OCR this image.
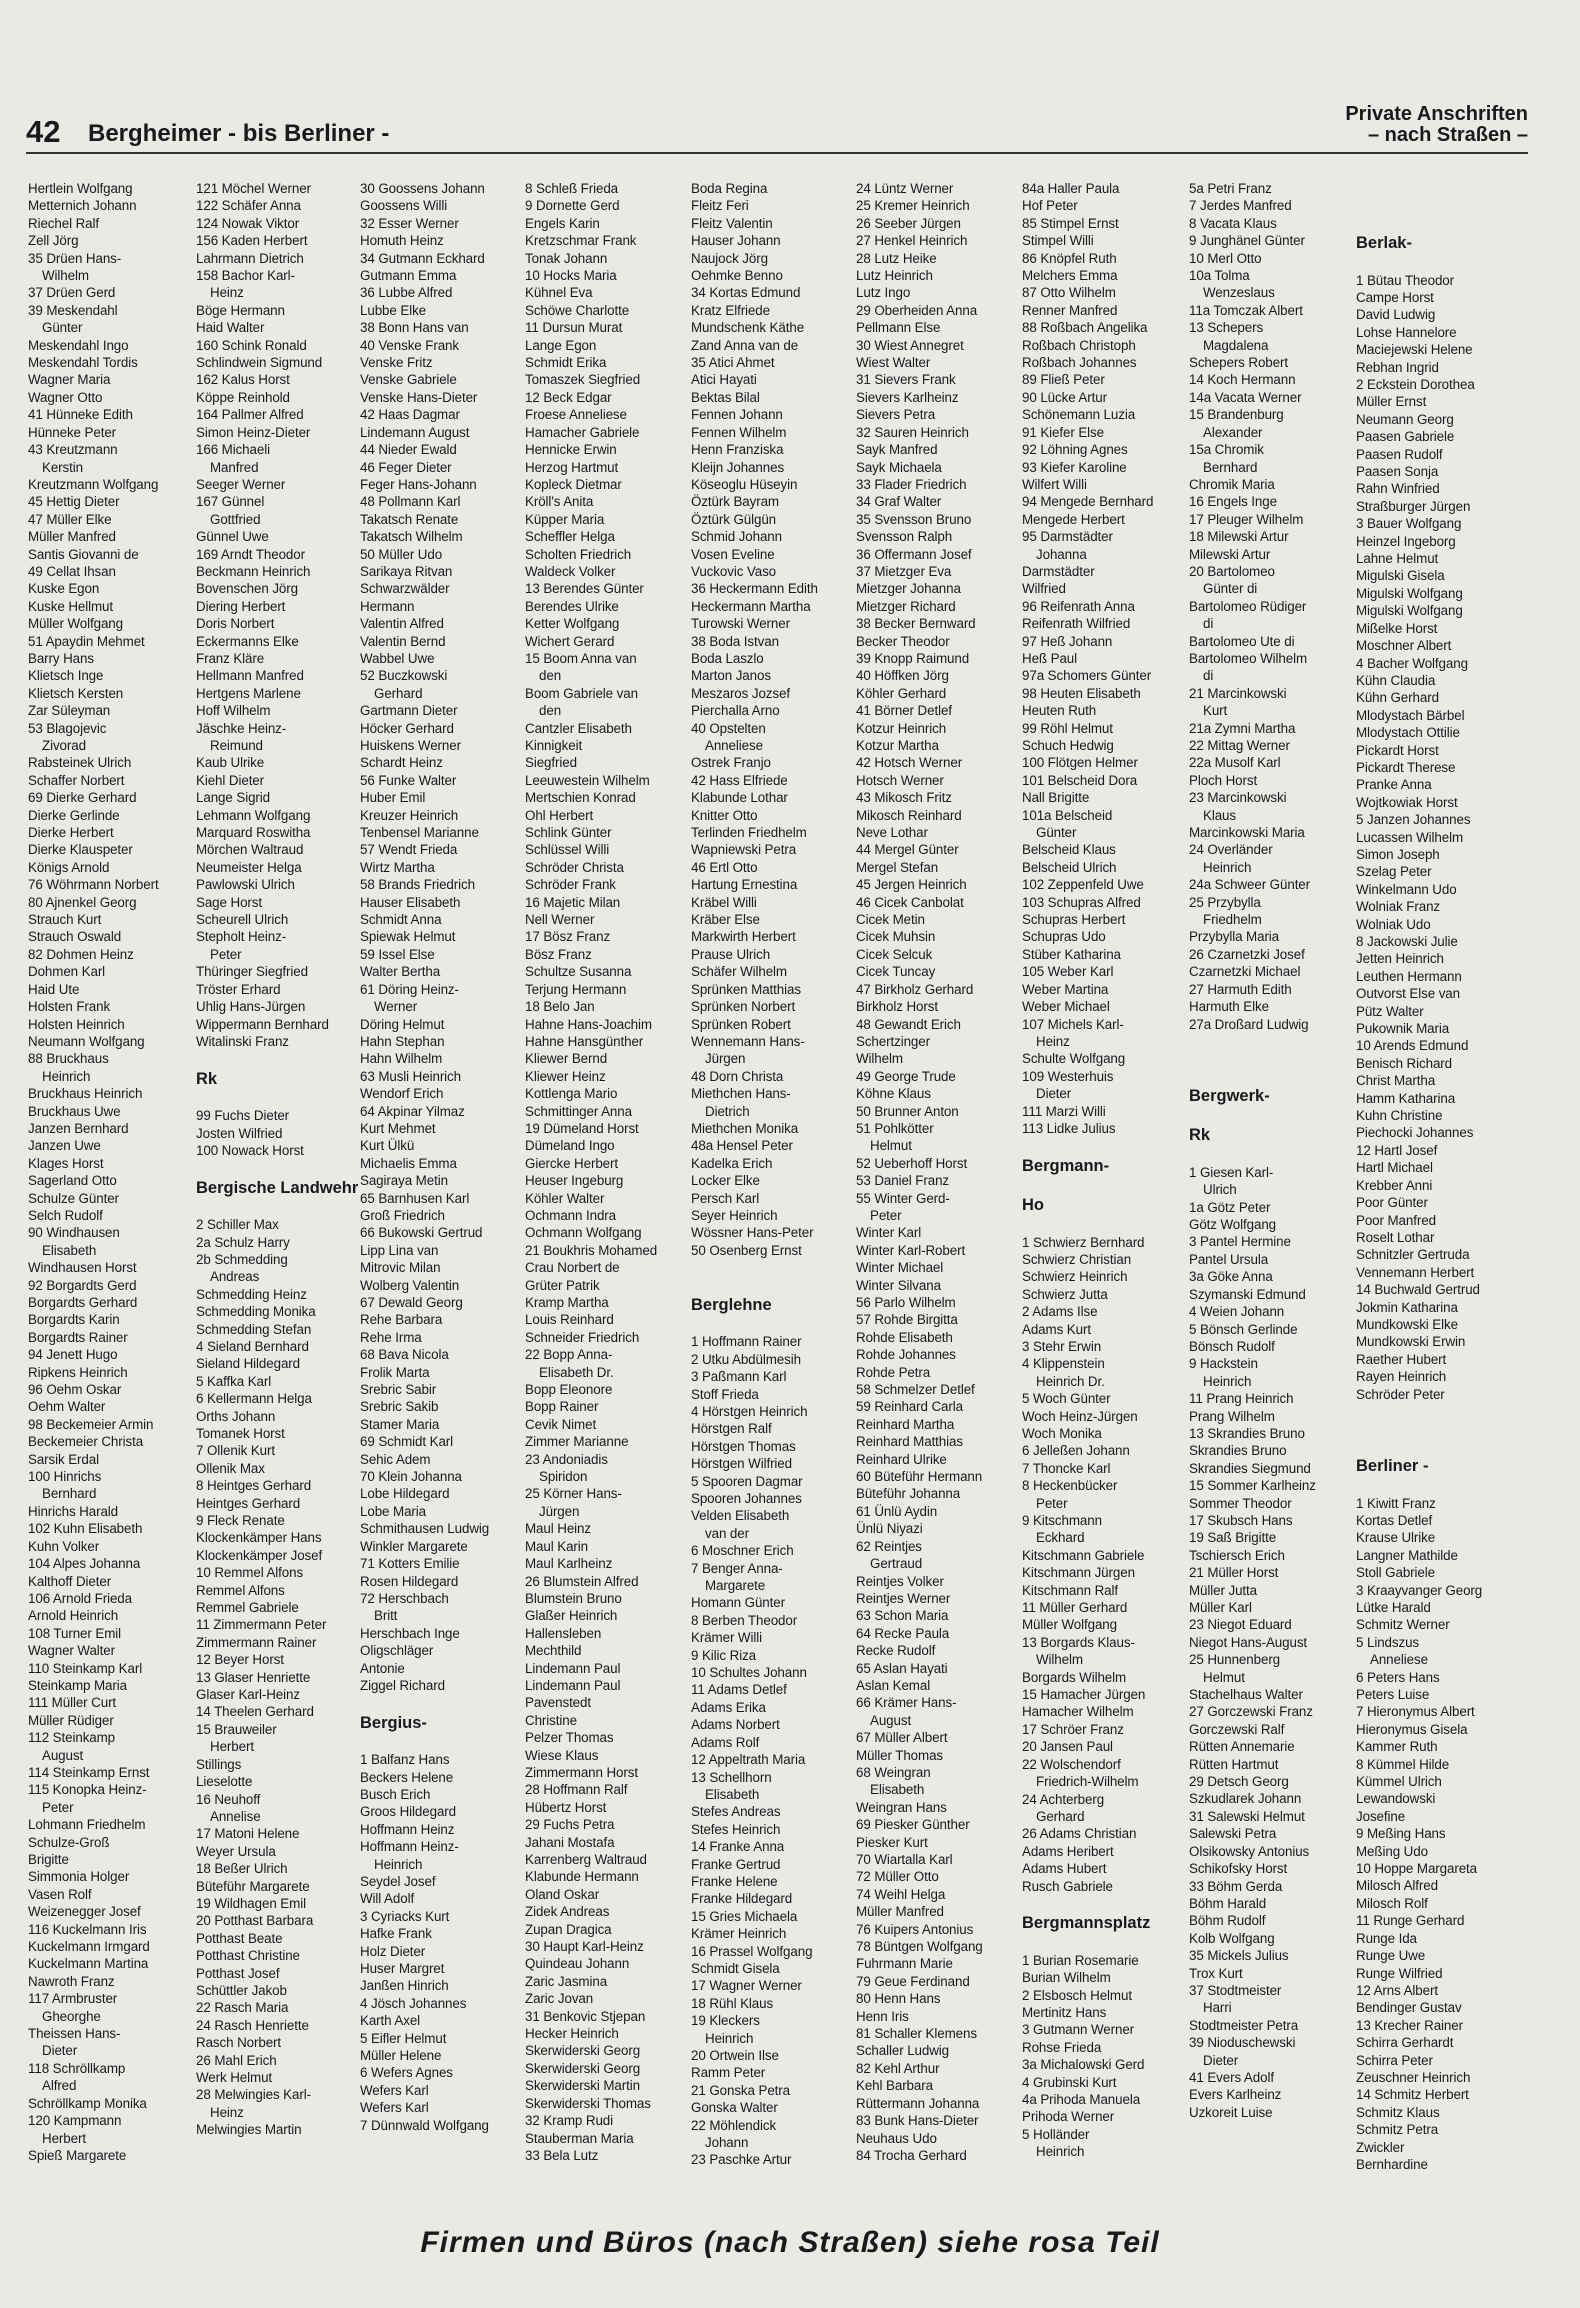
42 Bergheimer - bis Berliner -
Private Anschriften
– nach Straßen –
Hertlein Wolfgang
Metternich Johann
Riechel Ralf
Zell Jörg
35 Drüen Hans-
Wilhelm
37 Drüen Gerd
39 Meskendahl
Günter
Meskendahl Ingo
Meskendahl Tordis
Wagner Maria
Wagner Otto
41 Hünneke Edith
Hünneke Peter
43 Kreutzmann
Kerstin
Kreutzmann Wolfgang
45 Hettig Dieter
47 Müller Elke
Müller Manfred
Santis Giovanni de
49 Cellat Ihsan
Kuske Egon
Kuske Hellmut
Müller Wolfgang
51 Apaydin Mehmet
Barry Hans
Klietsch Inge
Klietsch Kersten
Zar Süleyman
53 Blagojevic
Zivorad
Rabsteinek Ulrich
Schaffer Norbert
69 Dierke Gerhard
Dierke Gerlinde
Dierke Herbert
Dierke Klauspeter
Königs Arnold
76 Wöhrmann Norbert
80 Ajnenkel Georg
Strauch Kurt
Strauch Oswald
82 Dohmen Heinz
Dohmen Karl
Haid Ute
Holsten Frank
Holsten Heinrich
Neumann Wolfgang
88 Bruckhaus
Heinrich
Bruckhaus Heinrich
Bruckhaus Uwe
Janzen Bernhard
Janzen Uwe
Klages Horst
Sagerland Otto
Schulze Günter
Selch Rudolf
90 Windhausen
Elisabeth
Windhausen Horst
92 Borgardts Gerd
Borgardts Gerhard
Borgardts Karin
Borgardts Rainer
94 Jenett Hugo
Ripkens Heinrich
96 Oehm Oskar
Oehm Walter
98 Beckemeier Armin
Beckemeier Christa
Sarsik Erdal
100 Hinrichs
Bernhard
Hinrichs Harald
102 Kuhn Elisabeth
Kuhn Volker
104 Alpes Johanna
Kalthoff Dieter
106 Arnold Frieda
Arnold Heinrich
108 Turner Emil
Wagner Walter
110 Steinkamp Karl
Steinkamp Maria
111 Müller Curt
Müller Rüdiger
112 Steinkamp
August
114 Steinkamp Ernst
115 Konopka Heinz-
Peter
Lohmann Friedhelm
Schulze-Groß
Brigitte
Simmonia Holger
Vasen Rolf
Weizenegger Josef
116 Kuckelmann Iris
Kuckelmann Irmgard
Kuckelmann Martina
Nawroth Franz
117 Armbruster
Gheorghe
Theissen Hans-
Dieter
118 Schröllkamp
Alfred
Schröllkamp Monika
120 Kampmann
Herbert
Spieß Margarete
121 Möchel Werner
122 Schäfer Anna
124 Nowak Viktor
156 Kaden Herbert
Lahrmann Dietrich
158 Bachor Karl-
Heinz
Böge Hermann
Haid Walter
160 Schink Ronald
Schlindwein Sigmund
162 Kalus Horst
Köppe Reinhold
164 Pallmer Alfred
Simon Heinz-Dieter
166 Michaeli
Manfred
Seeger Werner
167 Günnel
Gottfried
Günnel Uwe
169 Arndt Theodor
Beckmann Heinrich
Bovenschen Jörg
Diering Herbert
Doris Norbert
Eckermanns Elke
Franz Kläre
Hellmann Manfred
Hertgens Marlene
Hoff Wilhelm
Jäschke Heinz-
Reimund
Kaub Ulrike
Kiehl Dieter
Lange Sigrid
Lehmann Wolfgang
Marquard Roswitha
Mörchen Waltraud
Neumeister Helga
Pawlowski Ulrich
Sage Horst
Scheurell Ulrich
Stepholt Heinz-
Peter
Thüringer Siegfried
Tröster Erhard
Uhlig Hans-Jürgen
Wippermann Bernhard
Witalinski Franz
Rk
99 Fuchs Dieter
Josten Wilfried
100 Nowack Horst
Bergische Landwehr
2 Schiller Max
2a Schulz Harry
2b Schmedding
Andreas
Schmedding Heinz
Schmedding Monika
Schmedding Stefan
4 Sieland Bernhard
Sieland Hildegard
5 Kaffka Karl
6 Kellermann Helga
Orths Johann
Tomanek Horst
7 Ollenik Kurt
Ollenik Max
8 Heintges Gerhard
Heintges Gerhard
9 Fleck Renate
Klockenkämper Hans
Klockenkämper Josef
10 Remmel Alfons
Remmel Alfons
Remmel Gabriele
11 Zimmermann Peter
Zimmermann Rainer
12 Beyer Horst
13 Glaser Henriette
Glaser Karl-Heinz
14 Theelen Gerhard
15 Brauweiler
Herbert
Stillings
Lieselotte
16 Neuhoff
Annelise
17 Matoni Helene
Weyer Ursula
18 Beßer Ulrich
Büteführ Margarete
19 Wildhagen Emil
20 Potthast Barbara
Potthast Beate
Potthast Christine
Potthast Josef
Schüttler Jakob
22 Rasch Maria
24 Rasch Henriette
Rasch Norbert
26 Mahl Erich
Werk Helmut
28 Melwingies Karl-
Heinz
Melwingies Martin
30 Goossens Johann
Goossens Willi
32 Esser Werner
Homuth Heinz
34 Gutmann Eckhard
Gutmann Emma
36 Lubbe Alfred
Lubbe Elke
38 Bonn Hans van
40 Venske Frank
Venske Fritz
Venske Gabriele
Venske Hans-Dieter
42 Haas Dagmar
Lindemann August
44 Nieder Ewald
46 Feger Dieter
Feger Hans-Johann
48 Pollmann Karl
Takatsch Renate
Takatsch Wilhelm
50 Müller Udo
Sarikaya Ritvan
Schwarzwälder
Hermann
Valentin Alfred
Valentin Bernd
Wabbel Uwe
52 Buczkowski
Gerhard
Gartmann Dieter
Höcker Gerhard
Huiskens Werner
Schardt Heinz
56 Funke Walter
Huber Emil
Kreuzer Heinrich
Tenbensel Marianne
57 Wendt Frieda
Wirtz Martha
58 Brands Friedrich
Hauser Elisabeth
Schmidt Anna
Spiewak Helmut
59 Issel Else
Walter Bertha
61 Döring Heinz-
Werner
Döring Helmut
Hahn Stephan
Hahn Wilhelm
63 Musli Heinrich
Wendorf Erich
64 Akpinar Yilmaz
Kurt Mehmet
Kurt Ülkü
Michaelis Emma
Sagiraya Metin
65 Barnhusen Karl
Groß Friedrich
66 Bukowski Gertrud
Lipp Lina van
Mitrovic Milan
Wolberg Valentin
67 Dewald Georg
Rehe Barbara
Rehe Irma
68 Bava Nicola
Frolik Marta
Srebric Sabir
Srebric Sakib
Stamer Maria
69 Schmidt Karl
Sehic Adem
70 Klein Johanna
Lobe Hildegard
Lobe Maria
Schmithausen Ludwig
Winkler Margarete
71 Kotters Emilie
Rosen Hildegard
72 Herschbach
Britt
Herschbach Inge
Oligschläger
Antonie
Ziggel Richard
Bergius-
1 Balfanz Hans
Beckers Helene
Busch Erich
Groos Hildegard
Hoffmann Heinz
Hoffmann Heinz-
Heinrich
Seydel Josef
Will Adolf
3 Cyriacks Kurt
Hafke Frank
Holz Dieter
Huser Margret
Janßen Hinrich
4 Jösch Johannes
Karth Axel
5 Eifler Helmut
Müller Helene
6 Wefers Agnes
Wefers Karl
Wefers Karl
7 Dünnwald Wolfgang
8 Schleß Frieda
9 Dornette Gerd
Engels Karin
Kretzschmar Frank
Tonak Johann
10 Hocks Maria
Kühnel Eva
Schöwe Charlotte
11 Dursun Murat
Lange Egon
Schmidt Erika
Tomaszek Siegfried
12 Beck Edgar
Froese Anneliese
Hamacher Gabriele
Hennicke Erwin
Herzog Hartmut
Kopleck Dietmar
Kröll's Anita
Küpper Maria
Scheffler Helga
Scholten Friedrich
Waldeck Volker
13 Berendes Günter
Berendes Ulrike
Ketter Wolfgang
Wichert Gerard
15 Boom Anna van
den
Boom Gabriele van
den
Cantzler Elisabeth
Kinnigkeit
Siegfried
Leeuwestein Wilhelm
Mertschien Konrad
Ohl Herbert
Schlink Günter
Schlüssel Willi
Schröder Christa
Schröder Frank
16 Majetic Milan
Nell Werner
17 Bösz Franz
Bösz Franz
Schultze Susanna
Terjung Hermann
18 Belo Jan
Hahne Hans-Joachim
Hahne Hansgünther
Kliewer Bernd
Kliewer Heinz
Kottlenga Mario
Schmittinger Anna
19 Dümeland Horst
Dümeland Ingo
Giercke Herbert
Heuser Ingeburg
Köhler Walter
Ochmann Indra
Ochmann Wolfgang
21 Boukhris Mohamed
Crau Norbert de
Grüter Patrik
Kramp Martha
Louis Reinhard
Schneider Friedrich
22 Bopp Anna-
Elisabeth Dr.
Bopp Eleonore
Bopp Rainer
Cevik Nimet
Zimmer Marianne
23 Andoniadis
Spiridon
25 Körner Hans-
Jürgen
Maul Heinz
Maul Karin
Maul Karlheinz
26 Blumstein Alfred
Blumstein Bruno
Glaßer Heinrich
Hallensleben
Mechthild
Lindemann Paul
Lindemann Paul
Pavenstedt
Christine
Pelzer Thomas
Wiese Klaus
Zimmermann Horst
28 Hoffmann Ralf
Hübertz Horst
29 Fuchs Petra
Jahani Mostafa
Karrenberg Waltraud
Klabunde Hermann
Oland Oskar
Zidek Andreas
Zupan Dragica
30 Haupt Karl-Heinz
Quindeau Johann
Zaric Jasmina
Zaric Jovan
31 Benkovic Stjepan
Hecker Heinrich
Skerwiderski Georg
Skerwiderski Georg
Skerwiderski Martin
Skerwiderski Thomas
32 Kramp Rudi
Stauberman Maria
33 Bela Lutz
Boda Regina
Fleitz Feri
Fleitz Valentin
Hauser Johann
Naujock Jörg
Oehmke Benno
34 Kortas Edmund
Kratz Elfriede
Mundschenk Käthe
Zand Anna van de
35 Atici Ahmet
Atici Hayati
Bektas Bilal
Fennen Johann
Fennen Wilhelm
Henn Franziska
Kleijn Johannes
Köseoglu Hüseyin
Öztürk Bayram
Öztürk Gülgün
Schmid Johann
Vosen Eveline
Vuckovic Vaso
36 Heckermann Edith
Heckermann Martha
Turowski Werner
38 Boda Istvan
Boda Laszlo
Marton Janos
Meszaros Jozsef
Pierchalla Arno
40 Opstelten
Anneliese
Ostrek Franjo
42 Hass Elfriede
Klabunde Lothar
Knitter Otto
Terlinden Friedhelm
Wapniewski Petra
46 Ertl Otto
Hartung Ernestina
Kräbel Willi
Kräber Else
Markwirth Herbert
Prause Ulrich
Schäfer Wilhelm
Sprünken Matthias
Sprünken Norbert
Sprünken Robert
Wennemann Hans-
Jürgen
48 Dorn Christa
Miethchen Hans-
Dietrich
Miethchen Monika
48a Hensel Peter
Kadelka Erich
Locker Elke
Persch Karl
Seyer Heinrich
Wössner Hans-Peter
50 Osenberg Ernst
Berglehne
1 Hoffmann Rainer
2 Utku Abdülmesih
3 Paßmann Karl
Stoff Frieda
4 Hörstgen Heinrich
Hörstgen Ralf
Hörstgen Thomas
Hörstgen Wilfried
5 Spooren Dagmar
Spooren Johannes
Velden Elisabeth
van der
6 Moschner Erich
7 Benger Anna-
Margarete
Homann Günter
8 Berben Theodor
Krämer Willi
9 Kilic Riza
10 Schultes Johann
11 Adams Detlef
Adams Erika
Adams Norbert
Adams Rolf
12 Appeltrath Maria
13 Schellhorn
Elisabeth
Stefes Andreas
Stefes Heinrich
14 Franke Anna
Franke Gertrud
Franke Helene
Franke Hildegard
15 Gries Michaela
Krämer Heinrich
16 Prassel Wolfgang
Schmidt Gisela
17 Wagner Werner
18 Rühl Klaus
19 Kleckers
Heinrich
20 Ortwein Ilse
Ramm Peter
21 Gonska Petra
Gonska Walter
22 Möhlendick
Johann
23 Paschke Artur
24 Lüntz Werner
25 Kremer Heinrich
26 Seeber Jürgen
27 Henkel Heinrich
28 Lutz Heike
Lutz Heinrich
Lutz Ingo
29 Oberheiden Anna
Pellmann Else
30 Wiest Annegret
Wiest Walter
31 Sievers Frank
Sievers Karlheinz
Sievers Petra
32 Sauren Heinrich
Sayk Manfred
Sayk Michaela
33 Flader Friedrich
34 Graf Walter
35 Svensson Bruno
Svensson Ralph
36 Offermann Josef
37 Mietzger Eva
Mietzger Johanna
Mietzger Richard
38 Becker Bernward
Becker Theodor
39 Knopp Raimund
40 Höffken Jörg
Köhler Gerhard
41 Börner Detlef
Kotzur Heinrich
Kotzur Martha
42 Hotsch Werner
Hotsch Werner
43 Mikosch Fritz
Mikosch Reinhard
Neve Lothar
44 Mergel Günter
Mergel Stefan
45 Jergen Heinrich
46 Cicek Canbolat
Cicek Metin
Cicek Muhsin
Cicek Selcuk
Cicek Tuncay
47 Birkholz Gerhard
Birkholz Horst
48 Gewandt Erich
Schertzinger
Wilhelm
49 George Trude
Köhne Klaus
50 Brunner Anton
51 Pohlkötter
Helmut
52 Ueberhoff Horst
53 Daniel Franz
55 Winter Gerd-
Peter
Winter Karl
Winter Karl-Robert
Winter Michael
Winter Silvana
56 Parlo Wilhelm
57 Rohde Birgitta
Rohde Elisabeth
Rohde Johannes
Rohde Petra
58 Schmelzer Detlef
59 Reinhard Carla
Reinhard Martha
Reinhard Matthias
Reinhard Ulrike
60 Büteführ Hermann
Büteführ Johanna
61 Ünlü Aydin
Ünlü Niyazi
62 Reintjes
Gertraud
Reintjes Volker
Reintjes Werner
63 Schon Maria
64 Recke Paula
Recke Rudolf
65 Aslan Hayati
Aslan Kemal
66 Krämer Hans-
August
67 Müller Albert
Müller Thomas
68 Weingran
Elisabeth
Weingran Hans
69 Piesker Günther
Piesker Kurt
70 Wiartalla Karl
72 Müller Otto
74 Weihl Helga
Müller Manfred
76 Kuipers Antonius
78 Büntgen Wolfgang
Fuhrmann Marie
79 Geue Ferdinand
80 Henn Hans
Henn Iris
81 Schaller Klemens
Schaller Ludwig
82 Kehl Arthur
Kehl Barbara
Rüttermann Johanna
83 Bunk Hans-Dieter
Neuhaus Udo
84 Trocha Gerhard
84a Haller Paula
Hof Peter
85 Stimpel Ernst
Stimpel Willi
86 Knöpfel Ruth
Melchers Emma
87 Otto Wilhelm
Renner Manfred
88 Roßbach Angelika
Roßbach Christoph
Roßbach Johannes
89 Fließ Peter
90 Lücke Artur
Schönemann Luzia
91 Kiefer Else
92 Löhning Agnes
93 Kiefer Karoline
Wilfert Willi
94 Mengede Bernhard
Mengede Herbert
95 Darmstädter
Johanna
Darmstädter
Wilfried
96 Reifenrath Anna
Reifenrath Wilfried
97 Heß Johann
Heß Paul
97a Schomers Günter
98 Heuten Elisabeth
Heuten Ruth
99 Röhl Helmut
Schuch Hedwig
100 Flötgen Helmer
101 Belscheid Dora
Nall Brigitte
101a Belscheid
Günter
Belscheid Klaus
Belscheid Ulrich
102 Zeppenfeld Uwe
103 Schupras Alfred
Schupras Herbert
Schupras Udo
Stüber Katharina
105 Weber Karl
Weber Martina
Weber Michael
107 Michels Karl-
Heinz
Schulte Wolfgang
109 Westerhuis
Dieter
111 Marzi Willi
113 Lidke Julius
Bergmann-
Ho
1 Schwierz Bernhard
Schwierz Christian
Schwierz Heinrich
Schwierz Jutta
2 Adams Ilse
Adams Kurt
3 Stehr Erwin
4 Klippenstein
Heinrich Dr.
5 Woch Günter
Woch Heinz-Jürgen
Woch Monika
6 Jelleßen Johann
7 Thoncke Karl
8 Heckenbücker
Peter
9 Kitschmann
Eckhard
Kitschmann Gabriele
Kitschmann Jürgen
Kitschmann Ralf
11 Müller Gerhard
Müller Wolfgang
13 Borgards Klaus-
Wilhelm
Borgards Wilhelm
15 Hamacher Jürgen
Hamacher Wilhelm
17 Schröer Franz
20 Jansen Paul
22 Wolschendorf
Friedrich-Wilhelm
24 Achterberg
Gerhard
26 Adams Christian
Adams Heribert
Adams Hubert
Rusch Gabriele
Bergmannsplatz
1 Burian Rosemarie
Burian Wilhelm
2 Elsbosch Helmut
Mertinitz Hans
3 Gutmann Werner
Rohse Frieda
3a Michalowski Gerd
4 Grubinski Kurt
4a Prihoda Manuela
Prihoda Werner
5 Holländer
Heinrich
5a Petri Franz
7 Jerdes Manfred
8 Vacata Klaus
9 Junghänel Günter
10 Merl Otto
10a Tolma
Wenzeslaus
11a Tomczak Albert
13 Schepers
Magdalena
Schepers Robert
14 Koch Hermann
14a Vacata Werner
15 Brandenburg
Alexander
15a Chromik
Bernhard
Chromik Maria
16 Engels Inge
17 Pleuger Wilhelm
18 Milewski Artur
Milewski Artur
20 Bartolomeo
Günter di
Bartolomeo Rüdiger
di
Bartolomeo Ute di
Bartolomeo Wilhelm
di
21 Marcinkowski
Kurt
21a Zymni Martha
22 Mittag Werner
22a Musolf Karl
Ploch Horst
23 Marcinkowski
Klaus
Marcinkowski Maria
24 Overländer
Heinrich
24a Schweer Günter
25 Przybylla
Friedhelm
Przybylla Maria
26 Czarnetzki Josef
Czarnetzki Michael
27 Harmuth Edith
Harmuth Elke
27a Droßard Ludwig
Bergwerk-
Rk
1 Giesen Karl-
Ulrich
1a Götz Peter
Götz Wolfgang
3 Pantel Hermine
Pantel Ursula
3a Göke Anna
Szymanski Edmund
4 Weien Johann
5 Bönsch Gerlinde
Bönsch Rudolf
9 Hackstein
Heinrich
11 Prang Heinrich
Prang Wilhelm
13 Skrandies Bruno
Skrandies Bruno
Skrandies Siegmund
15 Sommer Karlheinz
Sommer Theodor
17 Skubsch Hans
19 Saß Brigitte
Tschiersch Erich
21 Müller Horst
Müller Jutta
Müller Karl
23 Niegot Eduard
Niegot Hans-August
25 Hunnenberg
Helmut
Stachelhaus Walter
27 Gorczewski Franz
Gorczewski Ralf
Rütten Annemarie
Rütten Hartmut
29 Detsch Georg
Szkudlarek Johann
31 Salewski Helmut
Salewski Petra
Olsikowsky Antonius
Schikofsky Horst
33 Böhm Gerda
Böhm Harald
Böhm Rudolf
Kolb Wolfgang
35 Mickels Julius
Trox Kurt
37 Stodtmeister
Harri
Stodtmeister Petra
39 Nioduschewski
Dieter
41 Evers Adolf
Evers Karlheinz
Uzkoreit Luise
Berlak-
1 Bütau Theodor
Campe Horst
David Ludwig
Lohse Hannelore
Maciejewski Helene
Rebhan Ingrid
2 Eckstein Dorothea
Müller Ernst
Neumann Georg
Paasen Gabriele
Paasen Rudolf
Paasen Sonja
Rahn Winfried
Straßburger Jürgen
3 Bauer Wolfgang
Heinzel Ingeborg
Lahne Helmut
Migulski Gisela
Migulski Wolfgang
Migulski Wolfgang
Mißelke Horst
Moschner Albert
4 Bacher Wolfgang
Kühn Claudia
Kühn Gerhard
Mlodystach Bärbel
Mlodystach Ottilie
Pickardt Horst
Pickardt Therese
Pranke Anna
Wojtkowiak Horst
5 Janzen Johannes
Lucassen Wilhelm
Simon Joseph
Szelag Peter
Winkelmann Udo
Wolniak Franz
Wolniak Udo
8 Jackowski Julie
Jetten Heinrich
Leuthen Hermann
Outvorst Else van
Pütz Walter
Pukownik Maria
10 Arends Edmund
Benisch Richard
Christ Martha
Hamm Katharina
Kuhn Christine
Piechocki Johannes
12 Hartl Josef
Hartl Michael
Krebber Anni
Poor Günter
Poor Manfred
Roselt Lothar
Schnitzler Gertruda
Vennemann Herbert
14 Buchwald Gertrud
Jokmin Katharina
Mundkowski Elke
Mundkowski Erwin
Raether Hubert
Rayen Heinrich
Schröder Peter
Berliner -
1 Kiwitt Franz
Kortas Detlef
Krause Ulrike
Langner Mathilde
Stoll Gabriele
3 Kraayvanger Georg
Lütke Harald
Schmitz Werner
5 Lindszus
Anneliese
6 Peters Hans
Peters Luise
7 Hieronymus Albert
Hieronymus Gisela
Kammer Ruth
8 Kümmel Hilde
Kümmel Ulrich
Lewandowski
Josefine
9 Meßing Hans
Meßing Udo
10 Hoppe Margareta
Milosch Alfred
Milosch Rolf
11 Runge Gerhard
Runge Ida
Runge Uwe
Runge Wilfried
12 Arns Albert
Bendinger Gustav
13 Krecher Rainer
Schirra Gerhardt
Schirra Peter
Zeuschner Heinrich
14 Schmitz Herbert
Schmitz Klaus
Schmitz Petra
Zwickler
Bernhardine
Firmen und Büros (nach Straßen) siehe rosa Teil
